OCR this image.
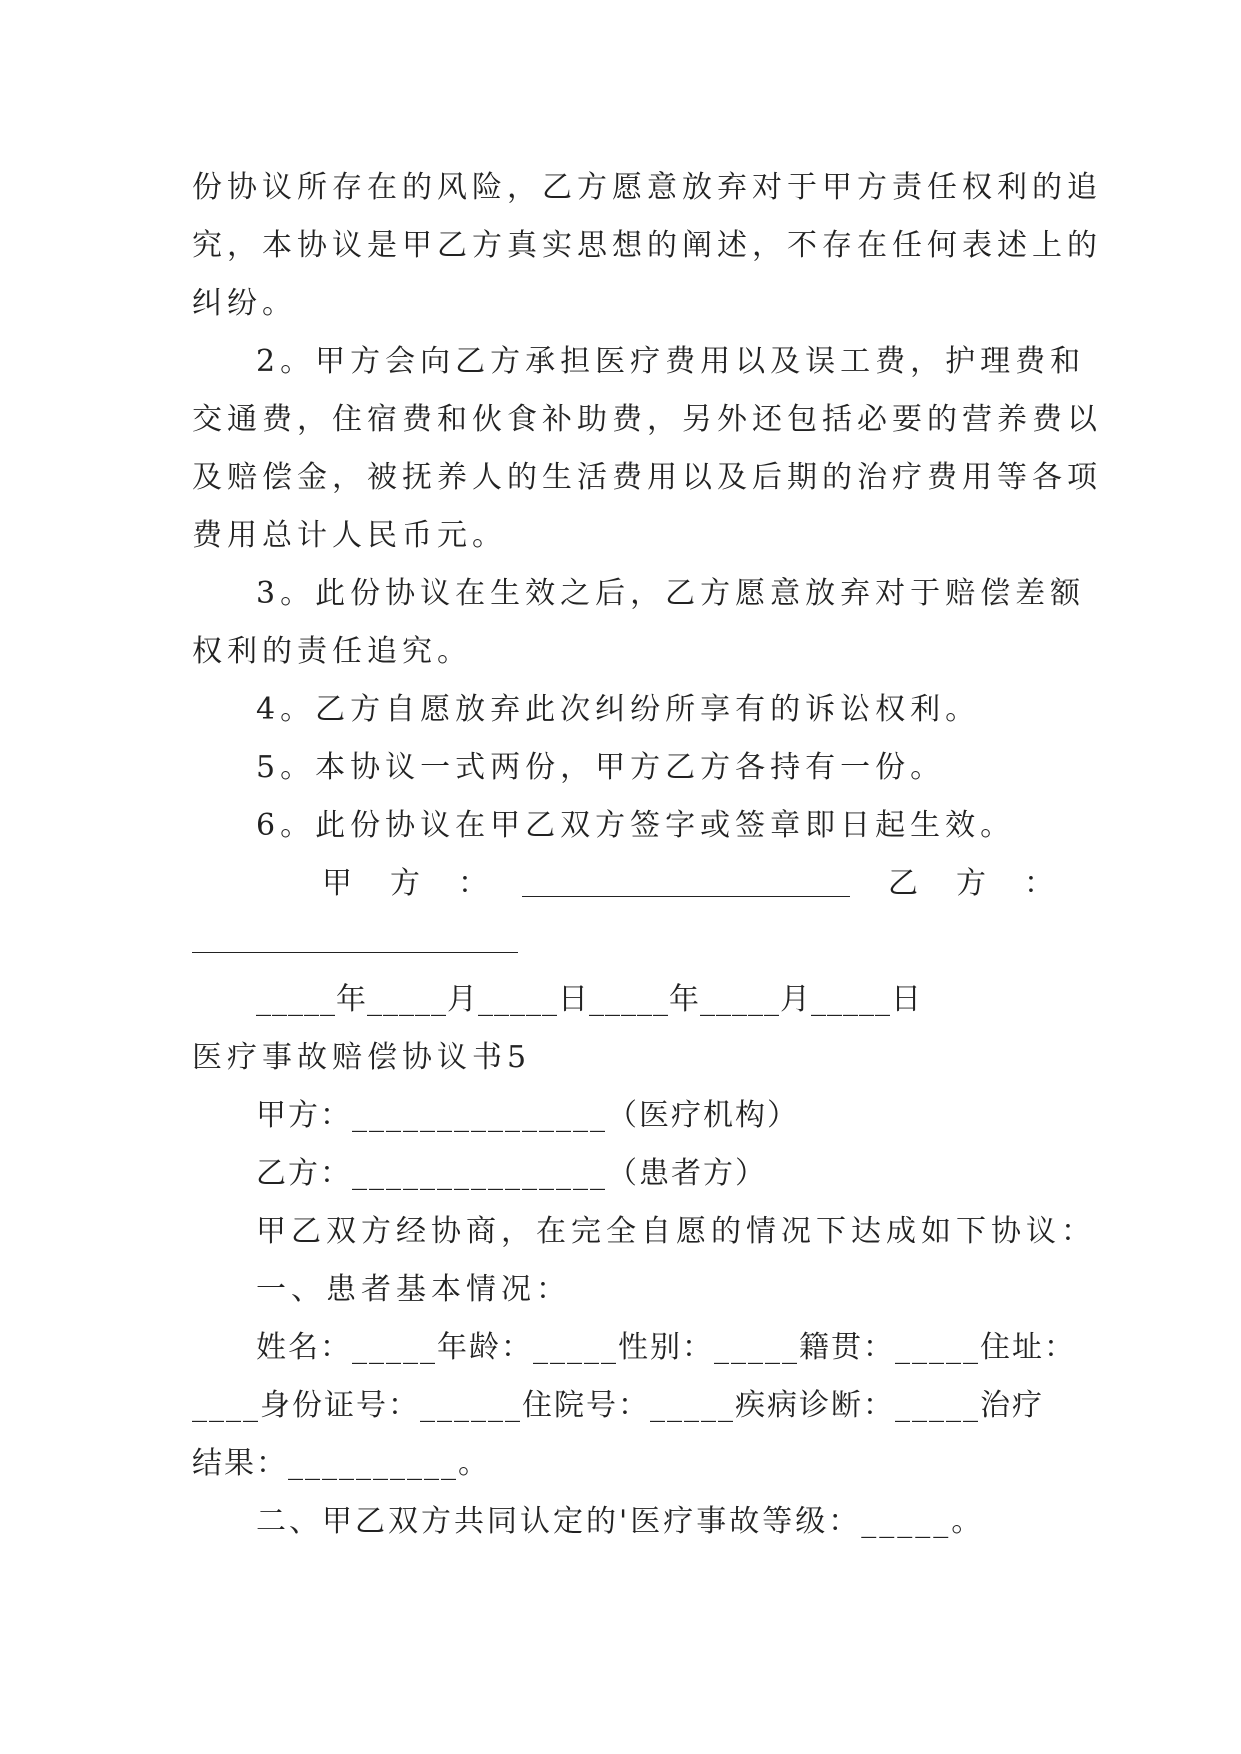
份协议所存在的风险，乙方愿意放弃对于甲方责任权利的追
究，本协议是甲乙方真实思想的阐述，不存在任何表述上的
纠纷。
2。甲方会向乙方承担医疗费用以及误工费，护理费和
交通费，住宿费和伙食补助费，另外还包括必要的营养费以
及赔偿金，被抚养人的生活费用以及后期的治疗费用等各项
费用总计人民币元。
3。此份协议在生效之后，乙方愿意放弃对于赔偿差额
权利的责任追究。
4。乙方自愿放弃此次纠纷所享有的诉讼权利。
5。本协议一式两份，甲方乙方各持有一份。
6。此份协议在甲乙双方签字或签章即日起生效。
甲　方　：	乙　方　：
_____年_____月_____日_____年_____月_____日
医疗事故赔偿协议书5
甲方：_______________（医疗机构）
乙方：_______________（患者方）
甲乙双方经协商，在完全自愿的情况下达成如下协议：
一、患者基本情况：
姓名：_____年龄：_____性别：_____籍贯：_____住址：
____身份证号：______住院号：_____疾病诊断：_____治疗
结果：__________。
二、甲乙双方共同认定的'医疗事故等级：_____。
